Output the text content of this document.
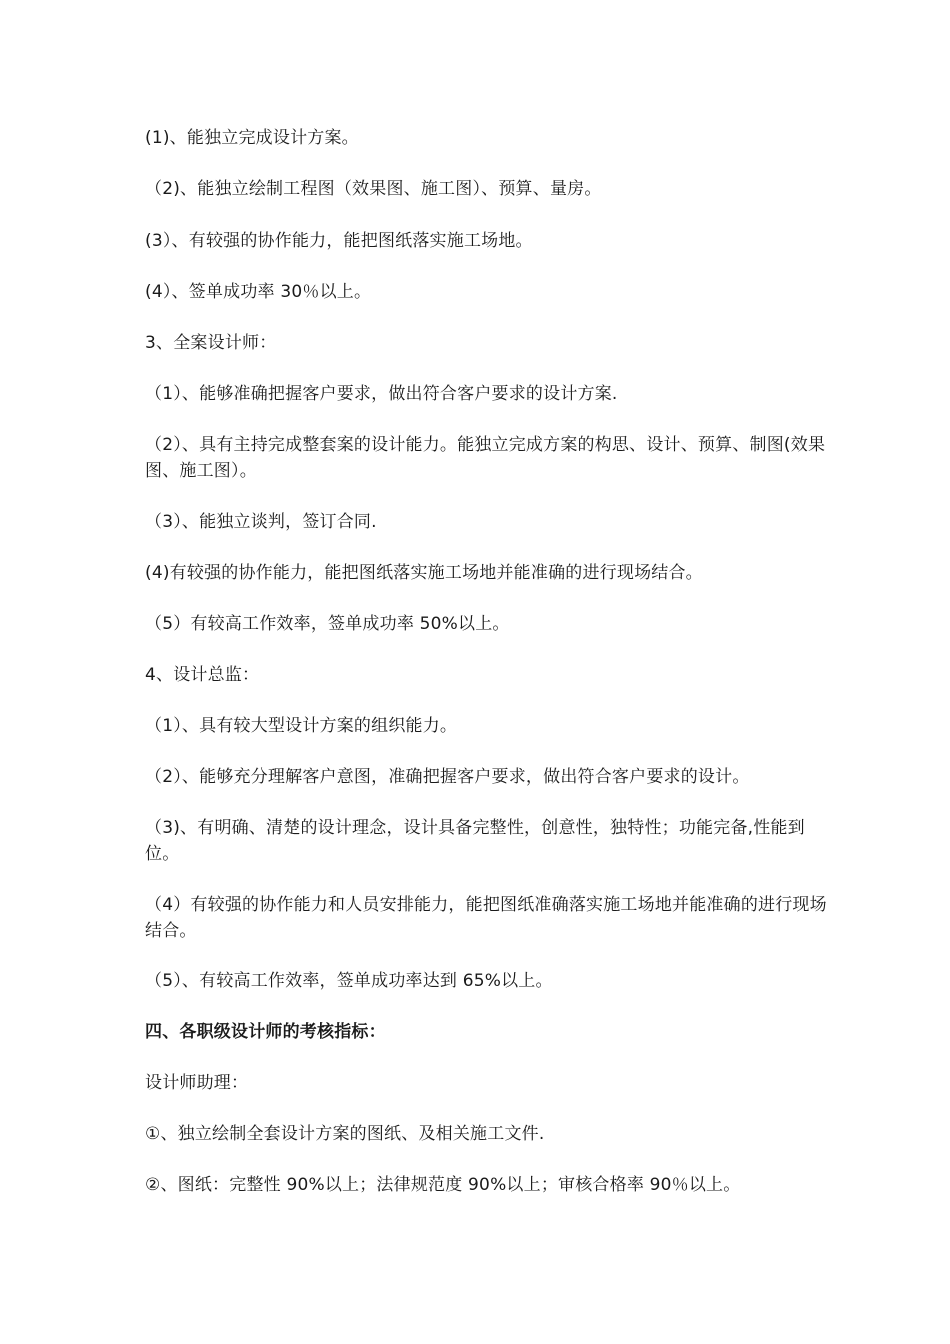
(1)、能独立完成设计方案。
（2)、能独立绘制工程图（效果图、施工图）、预算、量房。
(3）、有较强的协作能力，能把图纸落实施工场地。
(4）、签单成功率 30％以上。
3、全案设计师：
（1）、能够准确把握客户要求，做出符合客户要求的设计方案.
（2）、具有主持完成整套案的设计能力。能独立完成方案的构思、设计、预算、制图(效果图、施工图）。
（3）、能独立谈判，签订合同.
(4)有较强的协作能力，能把图纸落实施工场地并能准确的进行现场结合。
（5）有较高工作效率，签单成功率 50%以上。
4、设计总监：
（1）、具有较大型设计方案的组织能力。
（2）、能够充分理解客户意图，准确把握客户要求，做出符合客户要求的设计。
（3)、有明确、清楚的设计理念，设计具备完整性，创意性，独特性；功能完备,性能到位。
（4）有较强的协作能力和人员安排能力，能把图纸准确落实施工场地并能准确的进行现场结合。
（5）、有较高工作效率，签单成功率达到 65%以上。
四、各职级设计师的考核指标：
设计师助理：
①、独立绘制全套设计方案的图纸、及相关施工文件.
②、图纸：完整性 90%以上；法律规范度 90%以上；审核合格率 90％以上。
